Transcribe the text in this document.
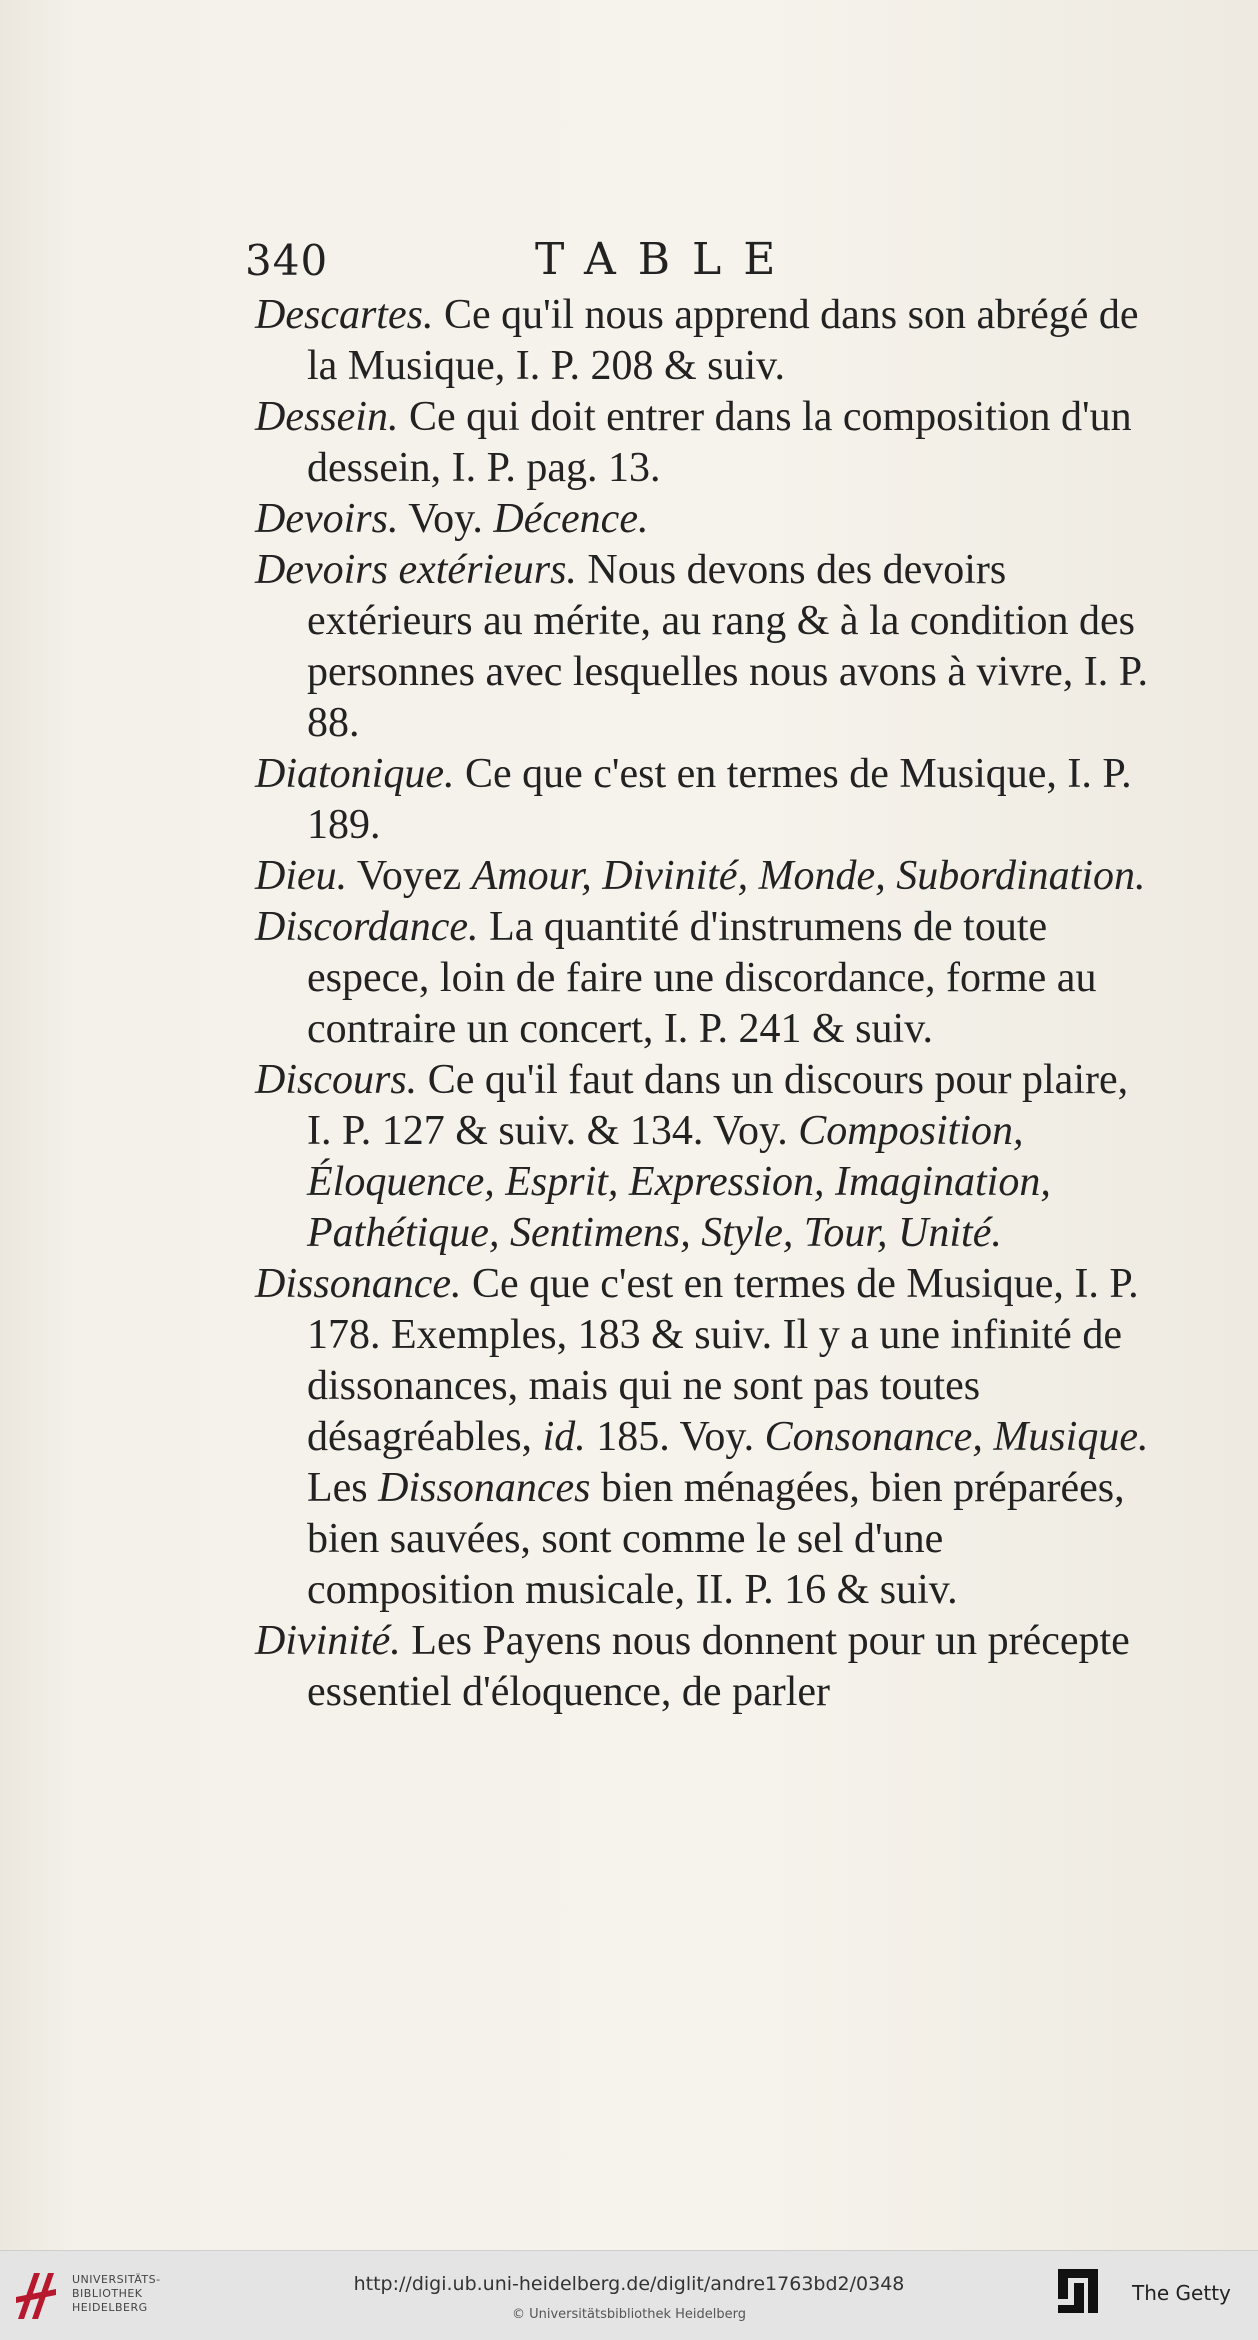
340	TABLE

Descartes. Ce qu'il nous apprend dans son abrégé de la Musique, I. P. 208 & suiv.

Dessein. Ce qui doit entrer dans la composition d'un dessein, I. P. pag. 13.

Devoirs. Voy. Décence.

Devoirs extérieurs. Nous devons des devoirs extérieurs au mérite, au rang & à la condition des personnes avec lesquelles nous avons à vivre, I. P. 88.

Diatonique. Ce que c'est en termes de Musique, I. P. 189.

Dieu. Voyez Amour, Divinité, Monde, Subordination.

Discordance. La quantité d'instrumens de toute espece, loin de faire une discordance, forme au contraire un concert, I. P. 241 & suiv.

Discours. Ce qu'il faut dans un discours pour plaire, I. P. 127 & suiv. & 134. Voy. Composition, Éloquence, Esprit, Expression, Imagination, Pathétique, Sentimens, Style, Tour, Unité.

Dissonance. Ce que c'est en termes de Musique, I. P. 178. Exemples, 183 & suiv. Il y a une infinité de dissonances, mais qui ne sont pas toutes désagréables, id. 185. Voy. Consonance, Musique. Les Dissonances bien ménagées, bien préparées, bien sauvées, sont comme le sel d'une composition musicale, II. P. 16 & suiv.

Divinité. Les Payens nous donnent pour un précepte essentiel d'éloquence, de parler

UNIVERSITÄTS-
BIBLIOTHEK
HEIDELBERG
http://digi.ub.uni-heidelberg.de/diglit/andre1763bd2/0348
© Universitätsbibliothek Heidelberg
The Getty
